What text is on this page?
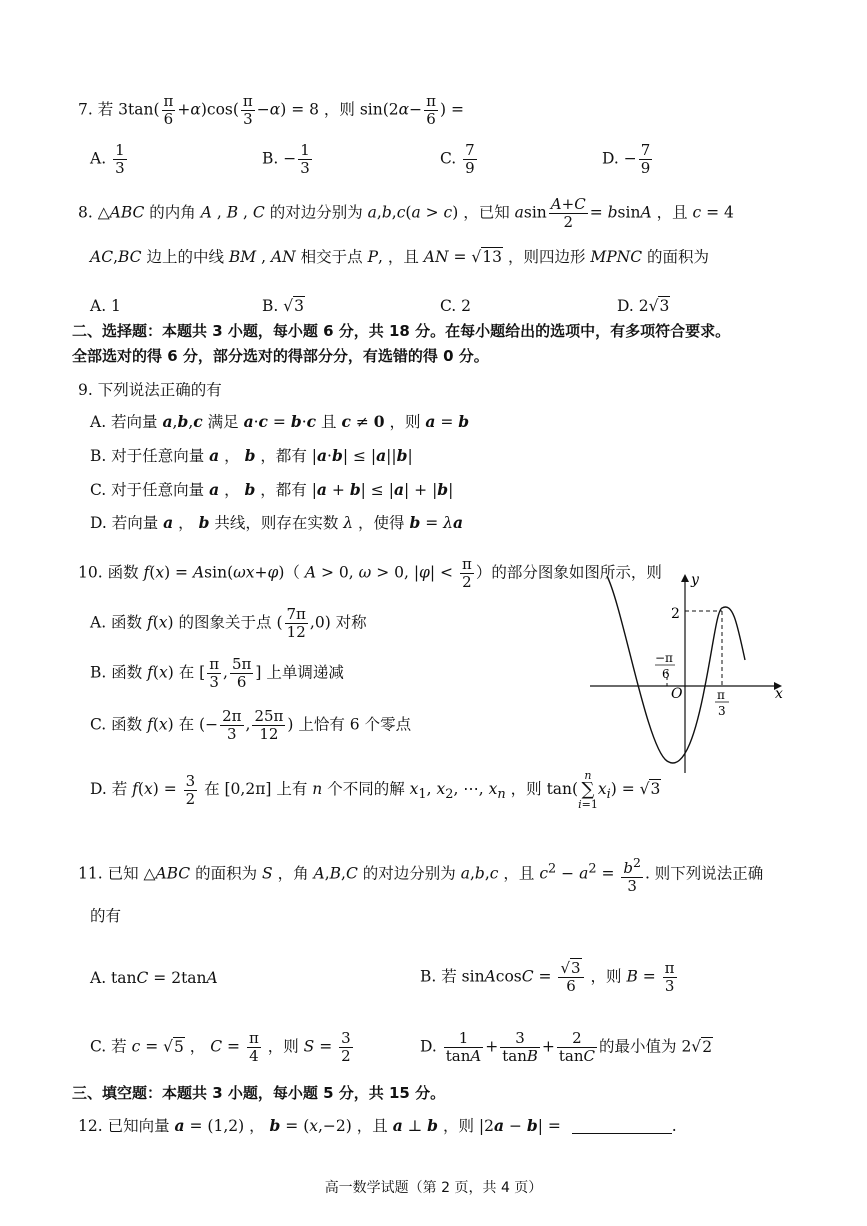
7. 若 $3\tan( \frac{\pi}{6} +\alpha)\cos( \frac{\pi}{3} -\alpha) = 8$ ，则 $\sin(2\alpha- \frac{\pi}{6}$ ) =
A. $\frac{1}{3}$	B. − $\frac{1}{3}$	C. $\frac{7}{9}$	D. − $\frac{7}{9}$
8. △ABC 的内角 A , B , C 的对边分别为 a,b,c(a > c) ，已知 asin $\frac{A+C}{2} = bsinA$ ，且 c = 4
AC,BC 边上的中线 BM , AN 相交于点 P, ，且 AN = √13 ，则四边形 MPNC 的面积为
A. 1	B. √3	C. 2	D. 2√3
二、选择题：本题共 3 小题，每小题 6 分，共 18 分。在每小题给出的选项中，有多项符合要求。
全部选对的得 6 分，部分选对的得部分分，有选错的得 0 分。
9. 下列说法正确的有
A. 若向量 a,b,c 满足 a·c = b·c 且 c ≠ 0 ，则 a = b
B. 对于任意向量 a ， b ，都有 |a·b| ≤ |a||b|
C. 对于任意向量 a ， b ，都有 |a + b| ≤ |a| + |b|
D. 若向量 a ， b 共线，则存在实数 λ ，使得 b = λa
10. 函数 f(x) = Asin(ωx+φ)（ A > 0, ω > 0, $|\varphi| < \frac{\pi}{2}$ ）的部分图象如图所示，则
A. 函数 f(x) 的图象关于点 ( $\frac{7\pi}{12} ,0$) 对称
B. 函数 f(x) 在 [ $\frac{\pi}{3}$ , $\frac{5\pi}{6}$ ] 上单调递减
C. 函数 f(x) 在 (− $\frac{2\pi}{3}$ , $\frac{25\pi}{12}$ ) 上恰有 6 个零点
D. 若 $f(x) = \frac{3}{2}$ 在 [0,2π] 上有 n 个不同的解 $x_1$, $x_2$, ⋯, $x_n$ ，则 tan(n
∑
$i=1x_i) = √3$
y
x
O
2
−π
6
π
3
11. 已知 △ABC 的面积为 S ，角 A,B,C 的对边分别为 a,b,c ，且 $c^2 - a^2 = \frac{b^2}{3}$ . 则下列说法正确
的有
A. tanC = 2tanA	B. 若 sinAcosC = $\frac{√3}{6}$ ，则 $B = \frac{\pi}{3}$
C. 若 c = √5 ， $C = \frac{\pi}{4}$ ，则 $S = \frac{3}{2}$	D. $\frac{1}{\tan A} + \frac{3}{\tan B} + \frac{2}{\tan C}$ 的最小值为 2√2
三、填空题：本题共 3 小题，每小题 5 分，共 15 分。
12. 已知向量 a = (1,2) ， b = (x,−2) ，且 a ⊥ b ，则 |2a − b| =	.
高一数学试题（第 2 页，共 4 页）
